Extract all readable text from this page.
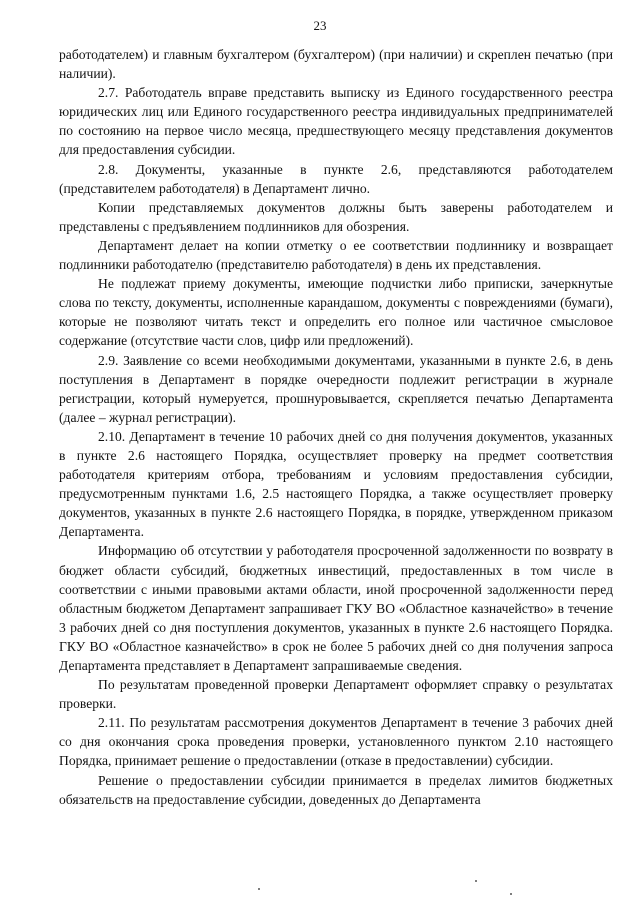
23

работодателем) и главным бухгалтером (бухгалтером) (при наличии) и скреплен печатью (при наличии).

2.7. Работодатель вправе представить выписку из Единого государственного реестра юридических лиц или Единого государственного реестра индивидуальных предпринимателей по состоянию на первое число месяца, предшествующего месяцу представления документов для предоставления субсидии.

2.8. Документы, указанные в пункте 2.6, представляются работодателем (представителем работодателя) в Департамент лично.

Копии представляемых документов должны быть заверены работодателем и представлены с предъявлением подлинников для обозрения.

Департамент делает на копии отметку о ее соответствии подлиннику и возвращает подлинники работодателю (представителю работодателя) в день их представления.

Не подлежат приему документы, имеющие подчистки либо приписки, зачеркнутые слова по тексту, документы, исполненные карандашом, документы с повреждениями (бумаги), которые не позволяют читать текст и определить его полное или частичное смысловое содержание (отсутствие части слов, цифр или предложений).

2.9. Заявление со всеми необходимыми документами, указанными в пункте 2.6, в день поступления в Департамент в порядке очередности подлежит регистрации в журнале регистрации, который нумеруется, прошнуровывается, скрепляется печатью Департамента (далее – журнал регистрации).

2.10. Департамент в течение 10 рабочих дней со дня получения документов, указанных в пункте 2.6 настоящего Порядка, осуществляет проверку на предмет соответствия работодателя критериям отбора, требованиям и условиям предоставления субсидии, предусмотренным пунктами 1.6, 2.5 настоящего Порядка, а также осуществляет проверку документов, указанных в пункте 2.6 настоящего Порядка, в порядке, утвержденном приказом Департамента.

Информацию об отсутствии у работодателя просроченной задолженности по возврату в бюджет области субсидий, бюджетных инвестиций, предоставленных в том числе в соответствии с иными правовыми актами области, иной просроченной задолженности перед областным бюджетом Департамент запрашивает ГКУ ВО «Областное казначейство» в течение 3 рабочих дней со дня поступления документов, указанных в пункте 2.6 настоящего Порядка. ГКУ ВО «Областное казначейство» в срок не более 5 рабочих дней со дня получения запроса Департамента представляет в Департамент запрашиваемые сведения.

По результатам проведенной проверки Департамент оформляет справку о результатах проверки.

2.11. По результатам рассмотрения документов Департамент в течение 3 рабочих дней со дня окончания срока проведения проверки, установленного пунктом 2.10 настоящего Порядка, принимает решение о предоставлении (отказе в предоставлении) субсидии.

Решение о предоставлении субсидии принимается в пределах лимитов бюджетных обязательств на предоставление субсидии, доведенных до Департамента
